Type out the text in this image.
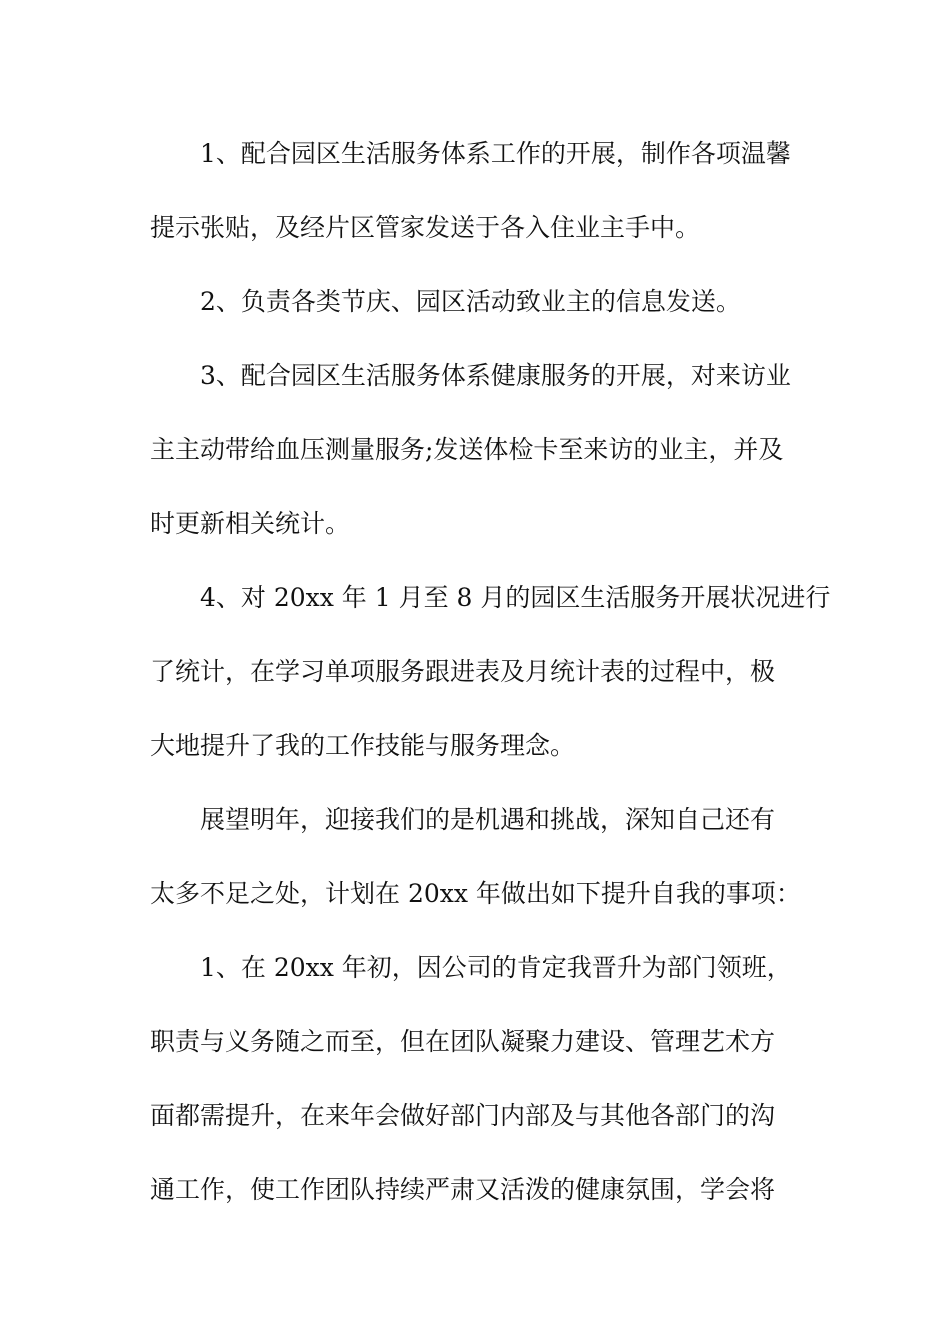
1、配合园区生活服务体系工作的开展，制作各项温馨
提示张贴，及经片区管家发送于各入住业主手中。
2、负责各类节庆、园区活动致业主的信息发送。
3、配合园区生活服务体系健康服务的开展，对来访业
主主动带给血压测量服务;发送体检卡至来访的业主，并及
时更新相关统计。
4、对 20xx 年 1 月至 8 月的园区生活服务开展状况进行
了统计，在学习单项服务跟进表及月统计表的过程中，极
大地提升了我的工作技能与服务理念。
展望明年，迎接我们的是机遇和挑战，深知自己还有
太多不足之处，计划在 20xx 年做出如下提升自我的事项：
1、在 20xx 年初，因公司的肯定我晋升为部门领班，
职责与义务随之而至，但在团队凝聚力建设、管理艺术方
面都需提升，在来年会做好部门内部及与其他各部门的沟
通工作，使工作团队持续严肃又活泼的健康氛围，学会将
